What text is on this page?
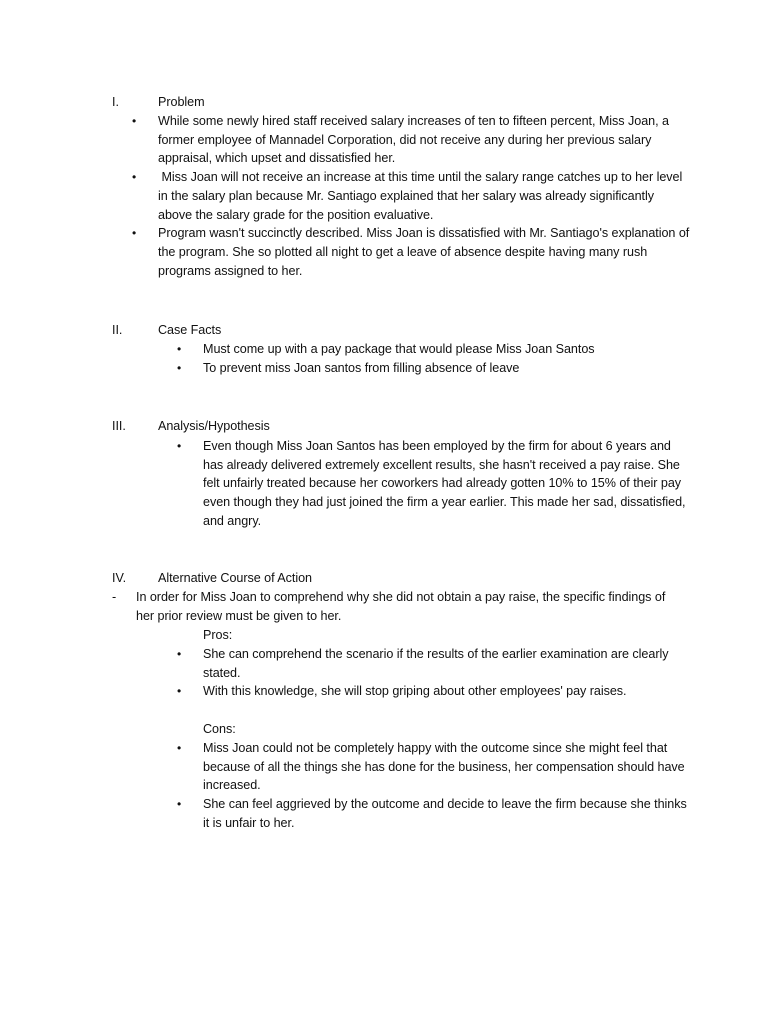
I.	Problem
• While some newly hired staff received salary increases of ten to fifteen percent, Miss Joan, a former employee of Mannadel Corporation, did not receive any during her previous salary appraisal, which upset and dissatisfied her.
• Miss Joan will not receive an increase at this time until the salary range catches up to her level in the salary plan because Mr. Santiago explained that her salary was already significantly above the salary grade for the position evaluative.
• Program wasn't succinctly described. Miss Joan is dissatisfied with Mr. Santiago's explanation of the program. She so plotted all night to get a leave of absence despite having many rush programs assigned to her.
II.	Case Facts
• Must come up with a pay package that would please Miss Joan Santos
• To prevent miss Joan santos from filling absence of leave
III.	Analysis/Hypothesis
• Even though Miss Joan Santos has been employed by the firm for about 6 years and has already delivered extremely excellent results, she hasn't received a pay raise. She felt unfairly treated because her coworkers had already gotten 10% to 15% of their pay even though they had just joined the firm a year earlier. This made her sad, dissatisfied, and angry.
IV.	Alternative Course of Action
- In order for Miss Joan to comprehend why she did not obtain a pay raise, the specific findings of her prior review must be given to her.
Pros:
• She can comprehend the scenario if the results of the earlier examination are clearly stated.
• With this knowledge, she will stop griping about other employees' pay raises.
Cons:
• Miss Joan could not be completely happy with the outcome since she might feel that because of all the things she has done for the business, her compensation should have increased.
• She can feel aggrieved by the outcome and decide to leave the firm because she thinks it is unfair to her.
